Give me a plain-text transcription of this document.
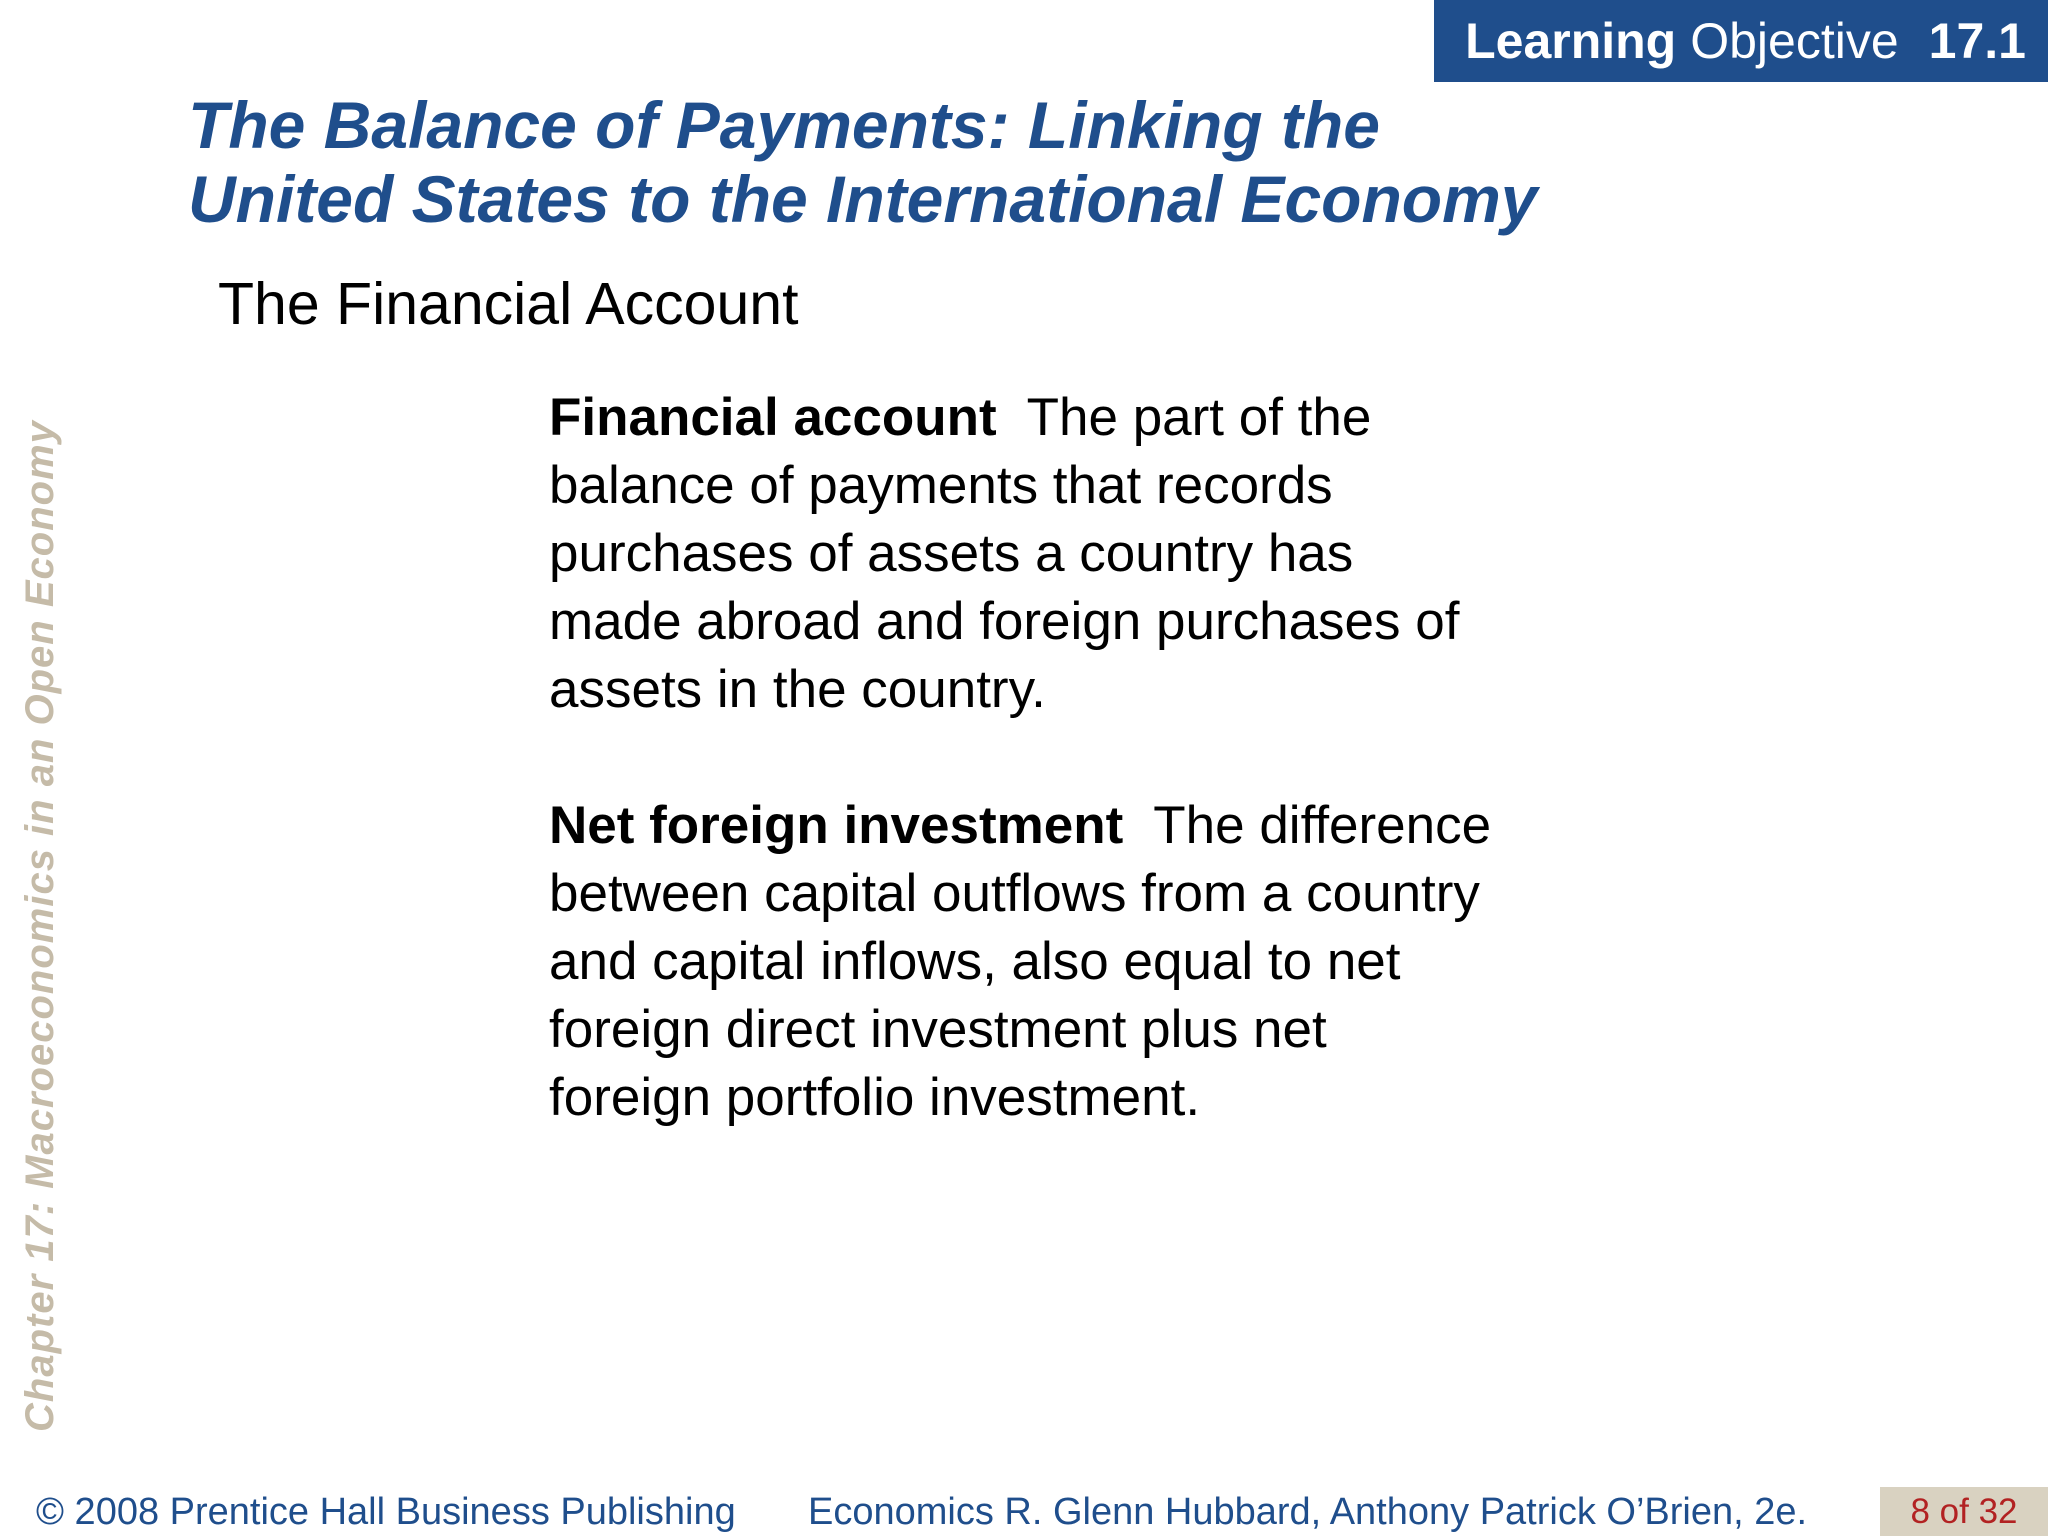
Learning Objective 17.1
The Balance of Payments: Linking the
United States to the International Economy
The Financial Account
Chapter 17: Macroeconomics in an Open Economy

Financial account The part of the
balance of payments that records
purchases of assets a country has
made abroad and foreign purchases of
assets in the country.

Net foreign investment The difference
between capital outflows from a country
and capital inflows, also equal to net
foreign direct investment plus net
foreign portfolio investment.

© 2008 Prentice Hall Business Publishing Economics R. Glenn Hubbard, Anthony Patrick O’Brien, 2e.	8 of 32
